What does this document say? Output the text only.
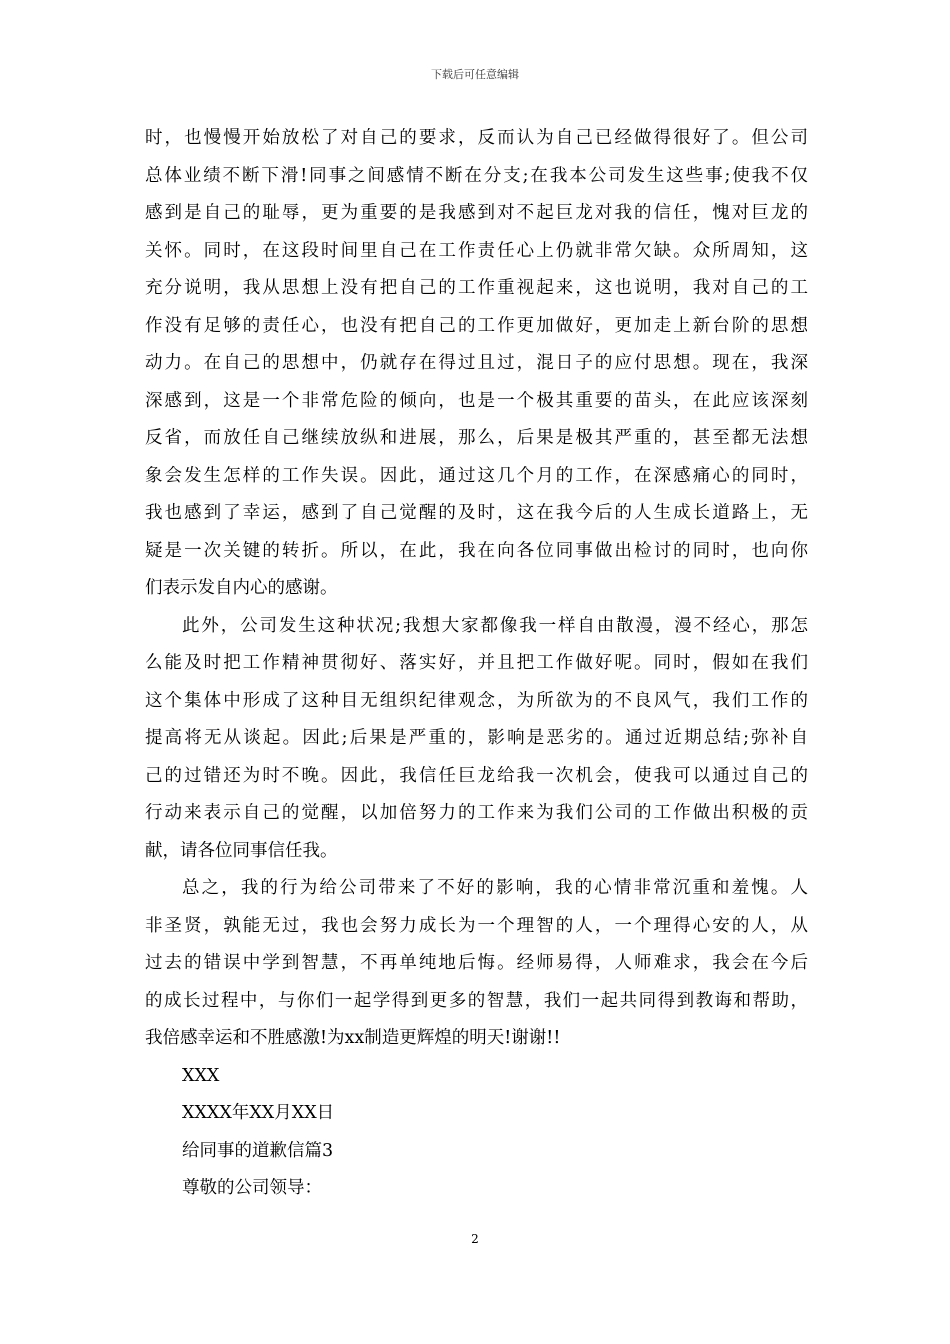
下载后可任意编辑
时，也慢慢开始放松了对自己的要求，反而认为自己已经做得很好了。但公司
总体业绩不断下滑!同事之间感情不断在分支;在我本公司发生这些事;使我不仅
感到是自己的耻辱，更为重要的是我感到对不起巨龙对我的信任，愧对巨龙的
关怀。同时，在这段时间里自己在工作责任心上仍就非常欠缺。众所周知，这
充分说明，我从思想上没有把自己的工作重视起来，这也说明，我对自己的工
作没有足够的责任心，也没有把自己的工作更加做好，更加走上新台阶的思想
动力。在自己的思想中，仍就存在得过且过，混日子的应付思想。现在，我深
深感到，这是一个非常危险的倾向，也是一个极其重要的苗头，在此应该深刻
反省，而放任自己继续放纵和进展，那么，后果是极其严重的，甚至都无法想
象会发生怎样的工作失误。因此，通过这几个月的工作，在深感痛心的同时，
我也感到了幸运，感到了自己觉醒的及时，这在我今后的人生成长道路上，无
疑是一次关键的转折。所以，在此，我在向各位同事做出检讨的同时，也向你
们表示发自内心的感谢。
此外，公司发生这种状况;我想大家都像我一样自由散漫，漫不经心，那怎
么能及时把工作精神贯彻好、落实好，并且把工作做好呢。同时，假如在我们
这个集体中形成了这种目无组织纪律观念，为所欲为的不良风气，我们工作的
提高将无从谈起。因此;后果是严重的，影响是恶劣的。通过近期总结;弥补自
己的过错还为时不晚。因此，我信任巨龙给我一次机会，使我可以通过自己的
行动来表示自己的觉醒，以加倍努力的工作来为我们公司的工作做出积极的贡
献，请各位同事信任我。
总之，我的行为给公司带来了不好的影响，我的心情非常沉重和羞愧。人
非圣贤，孰能无过，我也会努力成长为一个理智的人，一个理得心安的人，从
过去的错误中学到智慧，不再单纯地后悔。经师易得，人师难求，我会在今后
的成长过程中，与你们一起学得到更多的智慧，我们一起共同得到教诲和帮助，
我倍感幸运和不胜感激!为xx制造更辉煌的明天!谢谢!!
XXX
XXXX年XX月XX日
给同事的道歉信篇3
尊敬的公司领导：
2
